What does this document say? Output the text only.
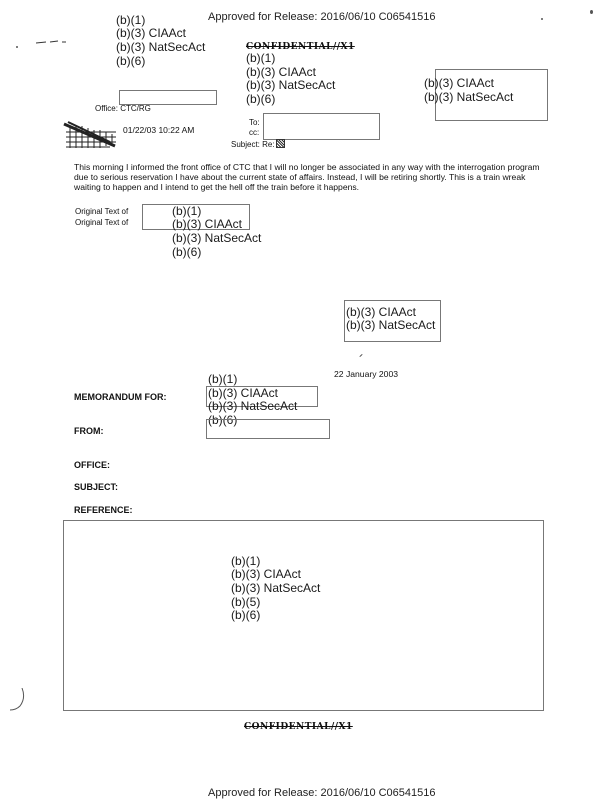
Approved for Release: 2016/06/10 C06541516
(b)(1)
(b)(3) CIAAct
(b)(3) NatSecAct
(b)(6)
CONFIDENTIAL//X1
(b)(1)
(b)(3) CIAAct
(b)(3) NatSecAct
(b)(6)
(b)(3) CIAAct
(b)(3) NatSecAct
Office: CTC/RG
01/22/03 10:22 AM
To:
cc:
Subject: Re:
This morning I informed the front office of CTC that I will no longer be associated in any way with the interrogation program due to serious reservation I have about the current state of affairs. Instead, I will be retiring shortly. This is a train wreak waiting to happen and I intend to get the hell off the train before it happens.
Original Text of
Original Text of
(b)(1)
(b)(3) CIAAct
(b)(3) NatSecAct
(b)(6)
(b)(3) CIAAct
(b)(3) NatSecAct
22 January 2003
(b)(1)
(b)(3) CIAAct
(b)(3) NatSecAct
(b)(6)
MEMORANDUM FOR:
FROM:
OFFICE:
SUBJECT:
REFERENCE:
(b)(1)
(b)(3) CIAAct
(b)(3) NatSecAct
(b)(5)
(b)(6)
CONFIDENTIAL//X1
Approved for Release: 2016/06/10 C06541516
